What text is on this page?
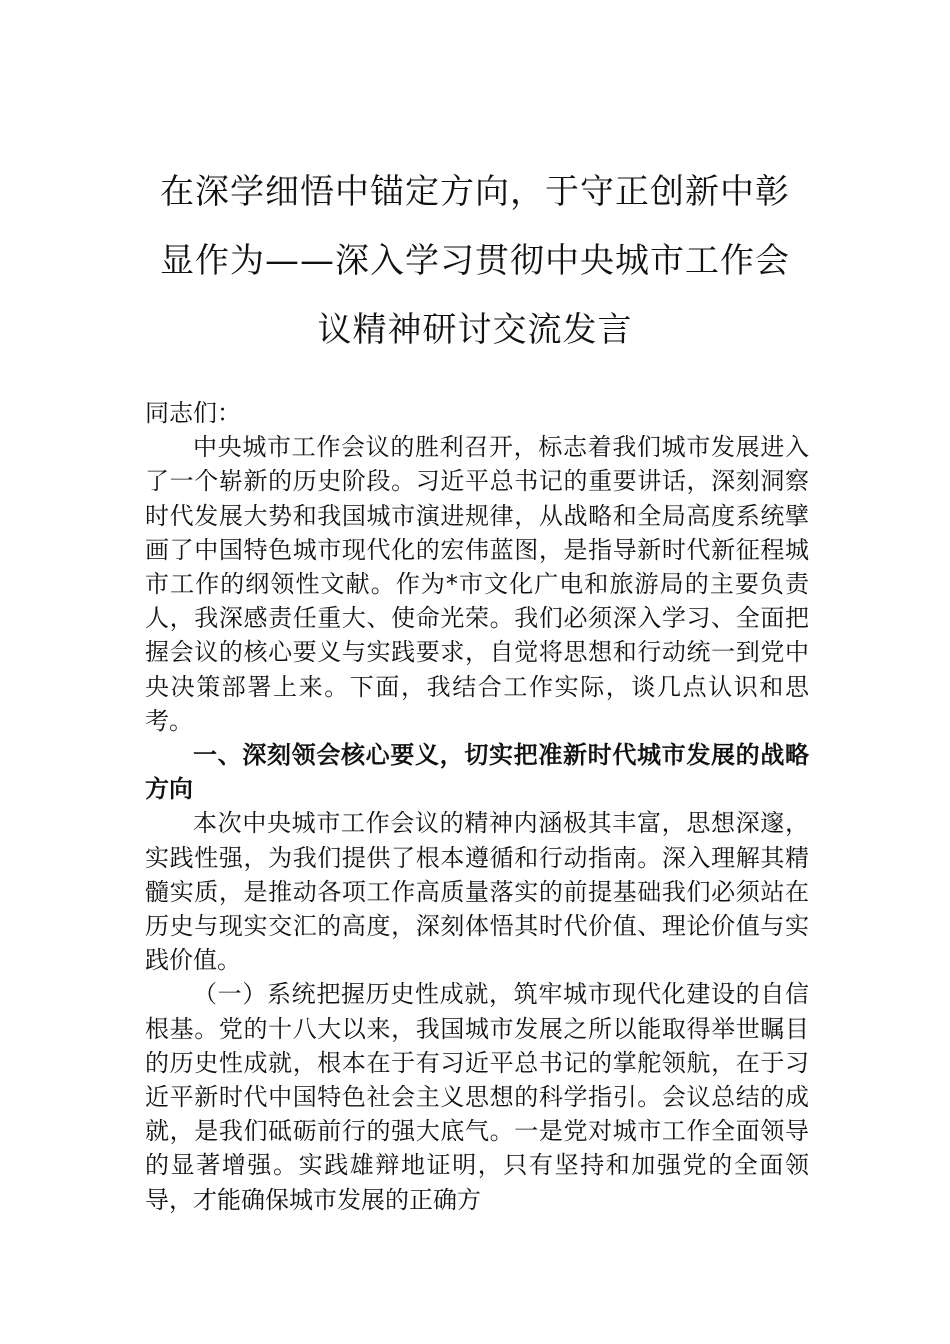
在深学细悟中锚定方向，于守正创新中彰
显作为——深入学习贯彻中央城市工作会
议精神研讨交流发言

同志们：

中央城市工作会议的胜利召开，标志着我们城市发展进入了一个崭新的历史阶段。习近平总书记的重要讲话，深刻洞察时代发展大势和我国城市演进规律，从战略和全局高度系统擘画了中国特色城市现代化的宏伟蓝图，是指导新时代新征程城市工作的纲领性文献。作为*市文化广电和旅游局的主要负责人，我深感责任重大、使命光荣。我们必须深入学习、全面把握会议的核心要义与实践要求，自觉将思想和行动统一到党中央决策部署上来。下面，我结合工作实际，谈几点认识和思考。

一、深刻领会核心要义，切实把准新时代城市发展的战略方向

本次中央城市工作会议的精神内涵极其丰富，思想深邃，实践性强，为我们提供了根本遵循和行动指南。深入理解其精髓实质，是推动各项工作高质量落实的前提基础我们必须站在历史与现实交汇的高度，深刻体悟其时代价值、理论价值与实践价值。

（一）系统把握历史性成就，筑牢城市现代化建设的自信根基。党的十八大以来，我国城市发展之所以能取得举世瞩目的历史性成就，根本在于有习近平总书记的掌舵领航，在于习近平新时代中国特色社会主义思想的科学指引。会议总结的成就，是我们砥砺前行的强大底气。一是党对城市工作全面领导的显著增强。实践雄辩地证明，只有坚持和加强党的全面领导，才能确保城市发展的正确方
